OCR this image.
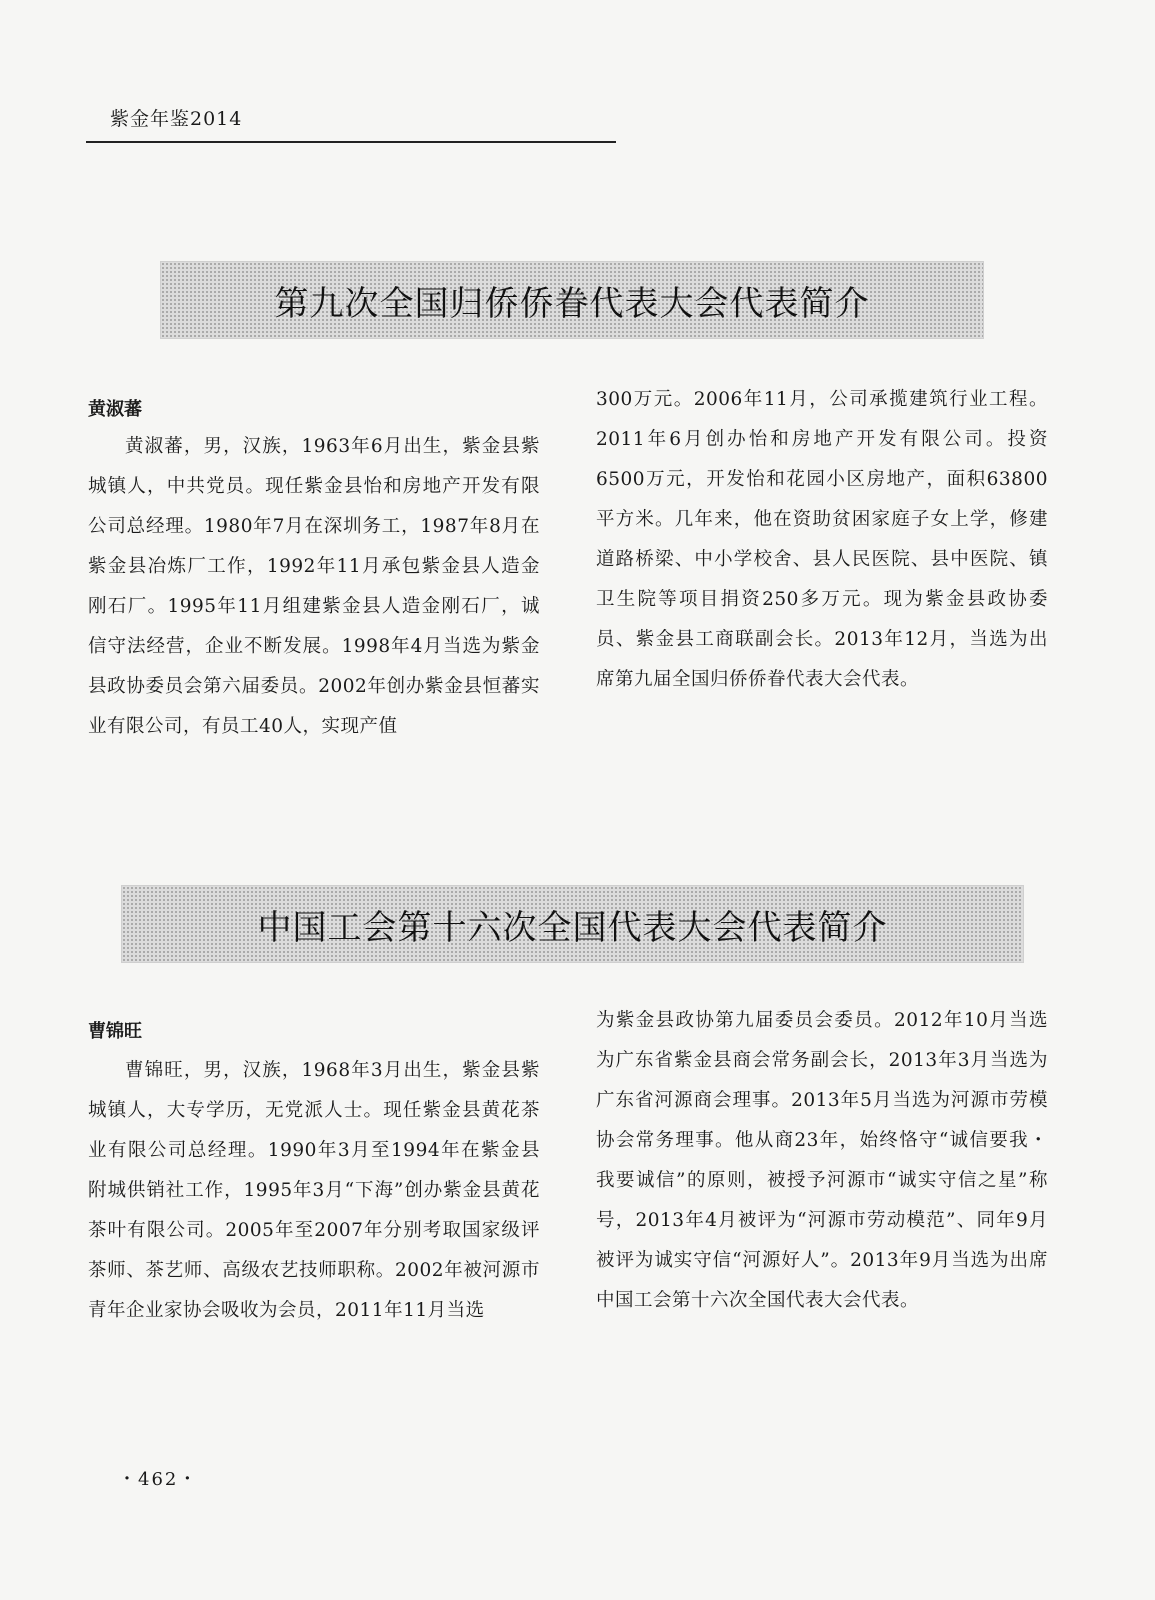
紫金年鉴2014
第九次全国归侨侨眷代表大会代表简介
黄淑蕃

黄淑蕃，男，汉族，1963年6月出生，紫金县紫城镇人，中共党员。现任紫金县怡和房地产开发有限公司总经理。1980年7月在深圳务工，1987年8月在紫金县冶炼厂工作，1992年11月承包紫金县人造金刚石厂。1995年11月组建紫金县人造金刚石厂，诚信守法经营，企业不断发展。1998年4月当选为紫金县政协委员会第六届委员。2002年创办紫金县恒蕃实业有限公司，有员工40人，实现产值

300万元。2006年11月，公司承揽建筑行业工程。2011年6月创办怡和房地产开发有限公司。投资6500万元，开发怡和花园小区房地产，面积63800平方米。几年来，他在资助贫困家庭子女上学，修建道路桥梁、中小学校舍、县人民医院、县中医院、镇卫生院等项目捐资250多万元。现为紫金县政协委员、紫金县工商联副会长。2013年12月，当选为出席第九届全国归侨侨眷代表大会代表。

中国工会第十六次全国代表大会代表简介
曹锦旺

曹锦旺，男，汉族，1968年3月出生，紫金县紫城镇人，大专学历，无党派人士。现任紫金县黄花茶业有限公司总经理。1990年3月至1994年在紫金县附城供销社工作，1995年3月“下海”创办紫金县黄花茶叶有限公司。2005年至2007年分别考取国家级评茶师、茶艺师、高级农艺技师职称。2002年被河源市青年企业家协会吸收为会员，2011年11月当选

为紫金县政协第九届委员会委员。2012年10月当选为广东省紫金县商会常务副会长，2013年3月当选为广东省河源商会理事。2013年5月当选为河源市劳模协会常务理事。他从商23年，始终恪守“诚信要我・我要诚信”的原则，被授予河源市“诚实守信之星”称号，2013年4月被评为“河源市劳动模范”、同年9月被评为诚实守信“河源好人”。2013年9月当选为出席中国工会第十六次全国代表大会代表。

・462・
